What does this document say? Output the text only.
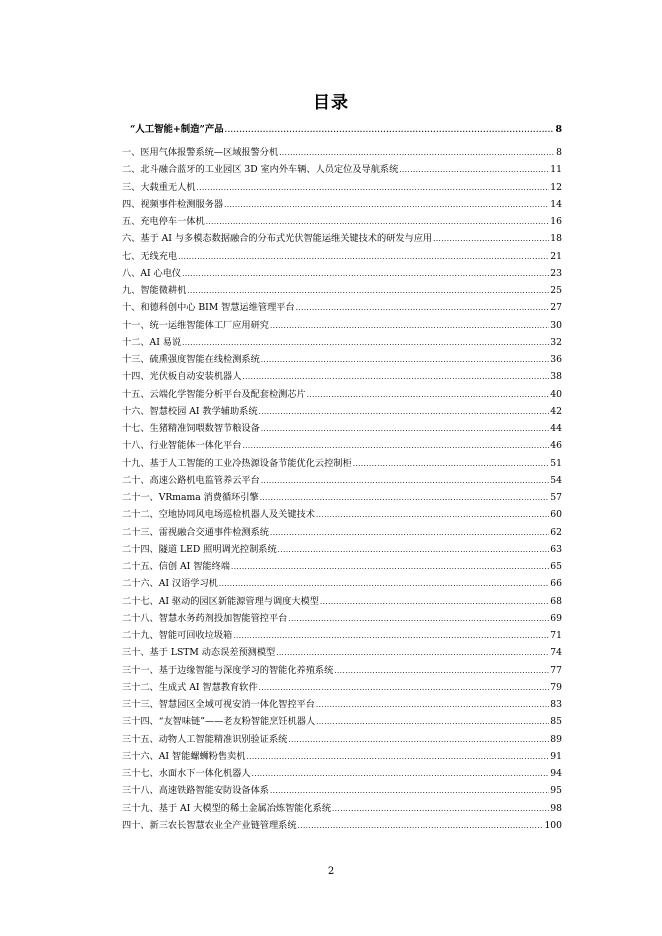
目录
“人工智能+制造”产品 .....	8
一、医用气体报警系统—区域报警分机 .....	8
二、北斗融合蓝牙的工业园区 3D 室内外车辆、人员定位及导航系统 .....	11
三、大载重无人机 .....	12
四、视频事件检测服务器 .....	14
五、充电停车一体机 .....	16
六、基于 AI 与多模态数据融合的分布式光伏智能运维关键技术的研发与应用 .....	18
七、无线充电 .....	21
八、AI 心电仪 .....	23
九、智能微耕机 .....	25
十、和德科创中心 BIM 智慧运维管理平台 .....	27
十一、统一运维智能体工厂应用研究 .....	30
十二、AI 易说 .....	32
十三、硫熏强度智能在线检测系统 .....	36
十四、光伏板自动安装机器人 .....	38
十五、云端化学智能分析平台及配套检测芯片 .....	40
十六、智慧校园 AI 教学辅助系统 .....	42
十七、生猪精准饲喂数智节粮设备 .....	44
十八、行业智能体一体化平台 .....	46
十九、基于人工智能的工业冷热源设备节能优化云控制柜 .....	51
二十、高速公路机电监管养云平台 .....	54
二十一、VRmama 消费循环引擎 .....	57
二十二、空地协同风电场巡检机器人及关键技术 .....	60
二十三、雷视融合交通事件检测系统 .....	62
二十四、隧道 LED 照明调光控制系统 .....	63
二十五、信创 AI 智能终端 .....	65
二十六、AI 汉语学习机 .....	66
二十七、AI 驱动的园区新能源管理与调度大模型 .....	68
二十八、智慧水务药剂投加智能管控平台 .....	69
二十九、智能可回收垃圾箱 .....	71
三十、基于 LSTM 动态误差预测模型 .....	74
三十一、基于边缘智能与深度学习的智能化养殖系统 .....	77
三十二、生成式 AI 智慧教育软件 .....	79
三十三、智慧园区全域可视安消一体化智控平台 .....	83
三十四、“友智味链”——老友粉智能烹饪机器人 .....	85
三十五、动物人工智能精准识别验证系统 .....	89
三十六、AI 智能螺蛳粉售卖机 .....	91
三十七、水面水下一体化机器人 .....	94
三十八、高速铁路智能安防设备体系 .....	95
三十九、基于 AI 大模型的稀土金属冶炼智能化系统 .....	98
四十、新三农长智慧农业全产业链管理系统 .....	100
2
